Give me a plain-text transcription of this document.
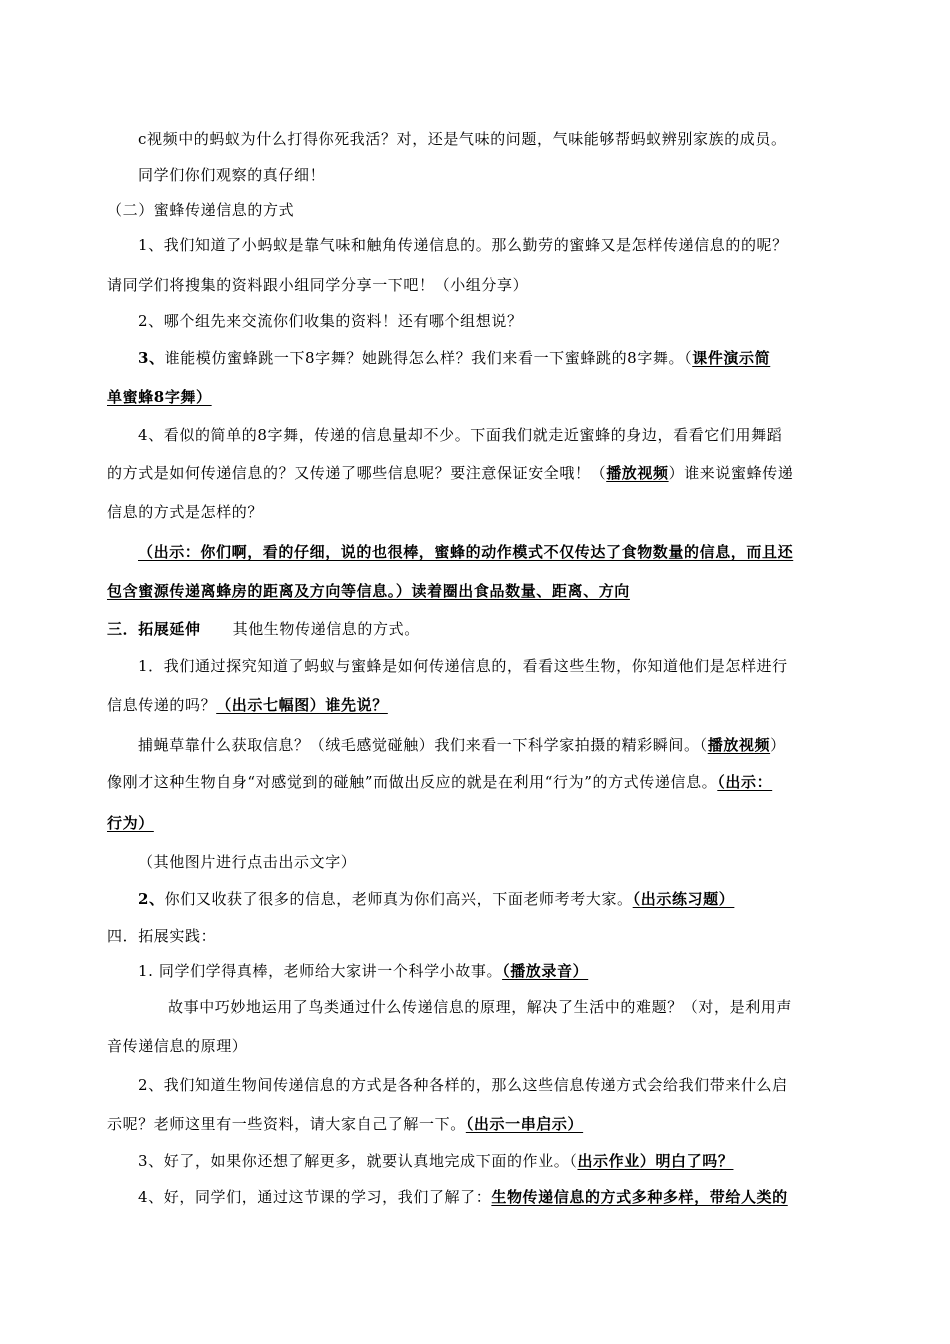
c视频中的蚂蚁为什么打得你死我活？对，还是气味的问题，气味能够帮蚂蚁辨别家族的成员。
同学们你们观察的真仔细！
（二）蜜蜂传递信息的方式
1、我们知道了小蚂蚁是靠气味和触角传递信息的。那么勤劳的蜜蜂又是怎样传递信息的的呢？
请同学们将搜集的资料跟小组同学分享一下吧！（小组分享）
2、哪个组先来交流你们收集的资料！还有哪个组想说？
3、谁能模仿蜜蜂跳一下8字舞？她跳得怎么样？我们来看一下蜜蜂跳的8字舞。（课件演示简
单蜜蜂8字舞）
4、看似的简单的8字舞，传递的信息量却不少。下面我们就走近蜜蜂的身边，看看它们用舞蹈
的方式是如何传递信息的？又传递了哪些信息呢？要注意保证安全哦！（播放视频）谁来说蜜蜂传递
信息的方式是怎样的？
（出示：你们啊，看的仔细，说的也很棒，蜜蜂的动作模式不仅传达了食物数量的信息，而且还
包含蜜源传递离蜂房的距离及方向等信息。）读着圈出食品数量、距离、方向
三．拓展延伸 其他生物传递信息的方式。
1．我们通过探究知道了蚂蚁与蜜蜂是如何传递信息的，看看这些生物，你知道他们是怎样进行
信息传递的吗？（出示七幅图）谁先说？
捕蝇草靠什么获取信息？（绒毛感觉碰触）我们来看一下科学家拍摄的精彩瞬间。（播放视频）
像刚才这种生物自身“对感觉到的碰触”而做出反应的就是在利用“行为”的方式传递信息。（出示：
行为）
（其他图片进行点击出示文字）
2、你们又收获了很多的信息，老师真为你们高兴，下面老师考考大家。（出示练习题）
四．拓展实践：
1. 同学们学得真棒，老师给大家讲一个科学小故事。（播放录音）
故事中巧妙地运用了鸟类通过什么传递信息的原理，解决了生活中的难题？（对，是利用声
音传递信息的原理）
2、我们知道生物间传递信息的方式是各种各样的，那么这些信息传递方式会给我们带来什么启
示呢？老师这里有一些资料，请大家自己了解一下。（出示一串启示）
3、好了，如果你还想了解更多，就要认真地完成下面的作业。（出示作业）明白了吗？
4、好，同学们，通过这节课的学习，我们了解了：生物传递信息的方式多种多样，带给人类的
